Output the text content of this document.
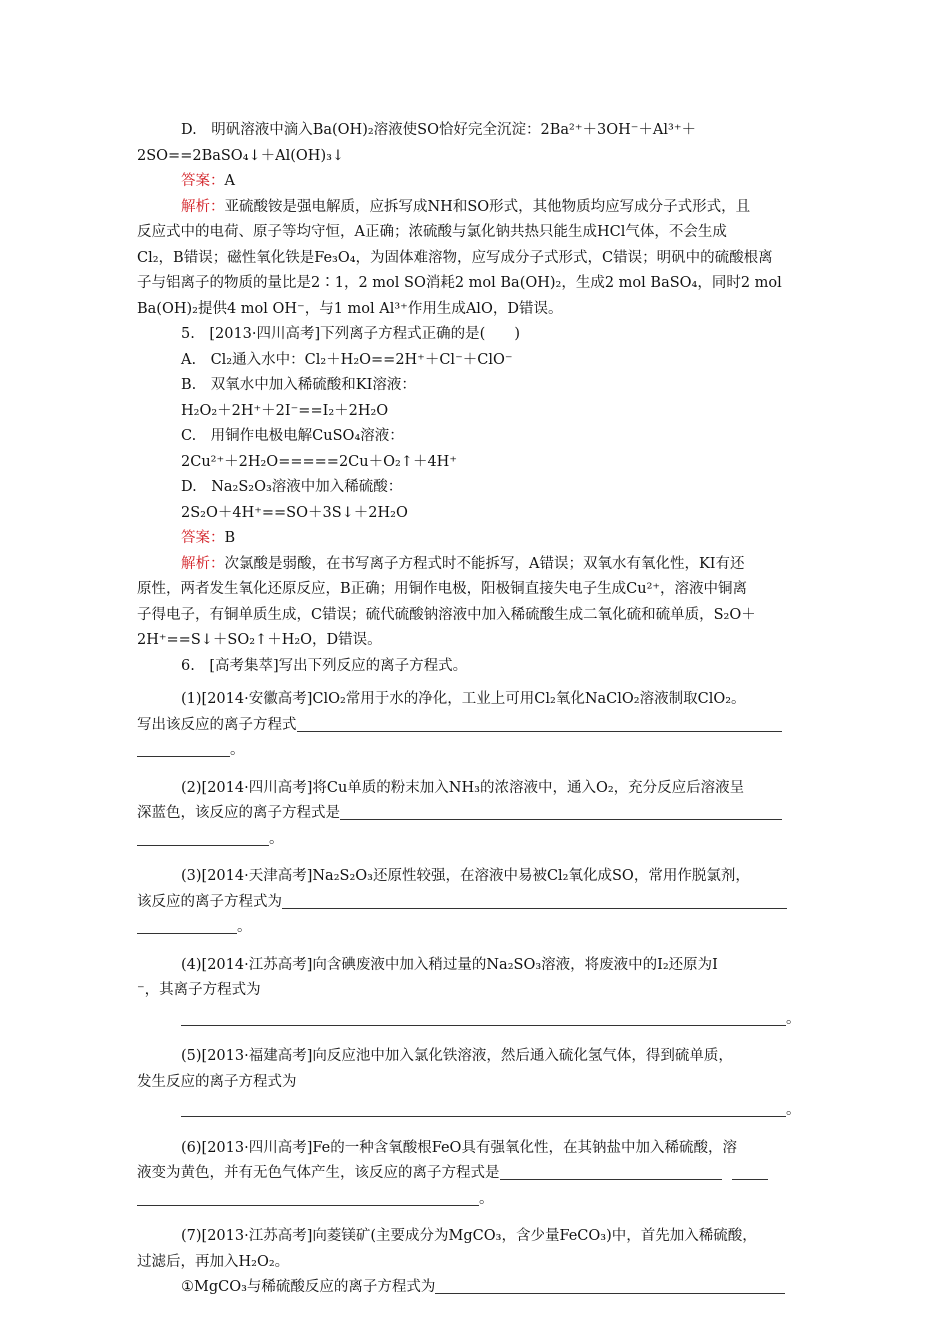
D.　明矾溶液中滴入Ba(OH)₂溶液使SO恰好完全沉淀：2Ba²⁺＋3OH⁻＋Al³⁺＋
2SO==2BaSO₄↓＋Al(OH)₃↓
答案：A
解析：亚硫酸铵是强电解质，应拆写成NH和SO形式，其他物质均应写成分子式形式，且
反应式中的电荷、原子等均守恒，A正确；浓硫酸与氯化钠共热只能生成HCl气体，不会生成
Cl₂，B错误；磁性氧化铁是Fe₃O₄，为固体难溶物，应写成分子式形式，C错误；明矾中的硫酸根离
子与铝离子的物质的量比是2∶1，2 mol SO消耗2 mol Ba(OH)₂，生成2 mol BaSO₄，同时2 mol
Ba(OH)₂提供4 mol OH⁻，与1 mol Al³⁺作用生成AlO，D错误。
5.　[2013·四川高考]下列离子方程式正确的是(　　)
A.　Cl₂通入水中：Cl₂＋H₂O==2H⁺＋Cl⁻＋ClO⁻
B.　双氧水中加入稀硫酸和KI溶液：
H₂O₂＋2H⁺＋2I⁻==I₂＋2H₂O
C.　用铜作电极电解CuSO₄溶液：
2Cu²⁺＋2H₂O=====2Cu＋O₂↑＋4H⁺
D.　Na₂S₂O₃溶液中加入稀硫酸：
2S₂O＋4H⁺==SO＋3S↓＋2H₂O
答案：B
解析：次氯酸是弱酸，在书写离子方程式时不能拆写，A错误；双氧水有氧化性，KI有还
原性，两者发生氧化还原反应，B正确；用铜作电极，阳极铜直接失电子生成Cu²⁺，溶液中铜离
子得电子，有铜单质生成，C错误；硫代硫酸钠溶液中加入稀硫酸生成二氧化硫和硫单质，S₂O＋
2H⁺==S↓＋SO₂↑＋H₂O，D错误。
6.　[高考集萃]写出下列反应的离子方程式。
(1)[2014·安徽高考]ClO₂常用于水的净化，工业上可用Cl₂氧化NaClO₂溶液制取ClO₂。
写出该反应的离子方程式
。
(2)[2014·四川高考]将Cu单质的粉末加入NH₃的浓溶液中，通入O₂，充分反应后溶液呈
深蓝色，该反应的离子方程式是
。
(3)[2014·天津高考]Na₂S₂O₃还原性较强，在溶液中易被Cl₂氧化成SO，常用作脱氯剂，
该反应的离子方程式为
。
(4)[2014·江苏高考]向含碘废液中加入稍过量的Na₂SO₃溶液，将废液中的I₂还原为I
⁻，其离子方程式为
。
(5)[2013·福建高考]向反应池中加入氯化铁溶液，然后通入硫化氢气体，得到硫单质，
发生反应的离子方程式为
。
(6)[2013·四川高考]Fe的一种含氧酸根FeO具有强氧化性，在其钠盐中加入稀硫酸，溶
液变为黄色，并有无色气体产生，该反应的离子方程式是
。
(7)[2013·江苏高考]向菱镁矿(主要成分为MgCO₃，含少量FeCO₃)中，首先加入稀硫酸，
过滤后，再加入H₂O₂。
①MgCO₃与稀硫酸反应的离子方程式为
